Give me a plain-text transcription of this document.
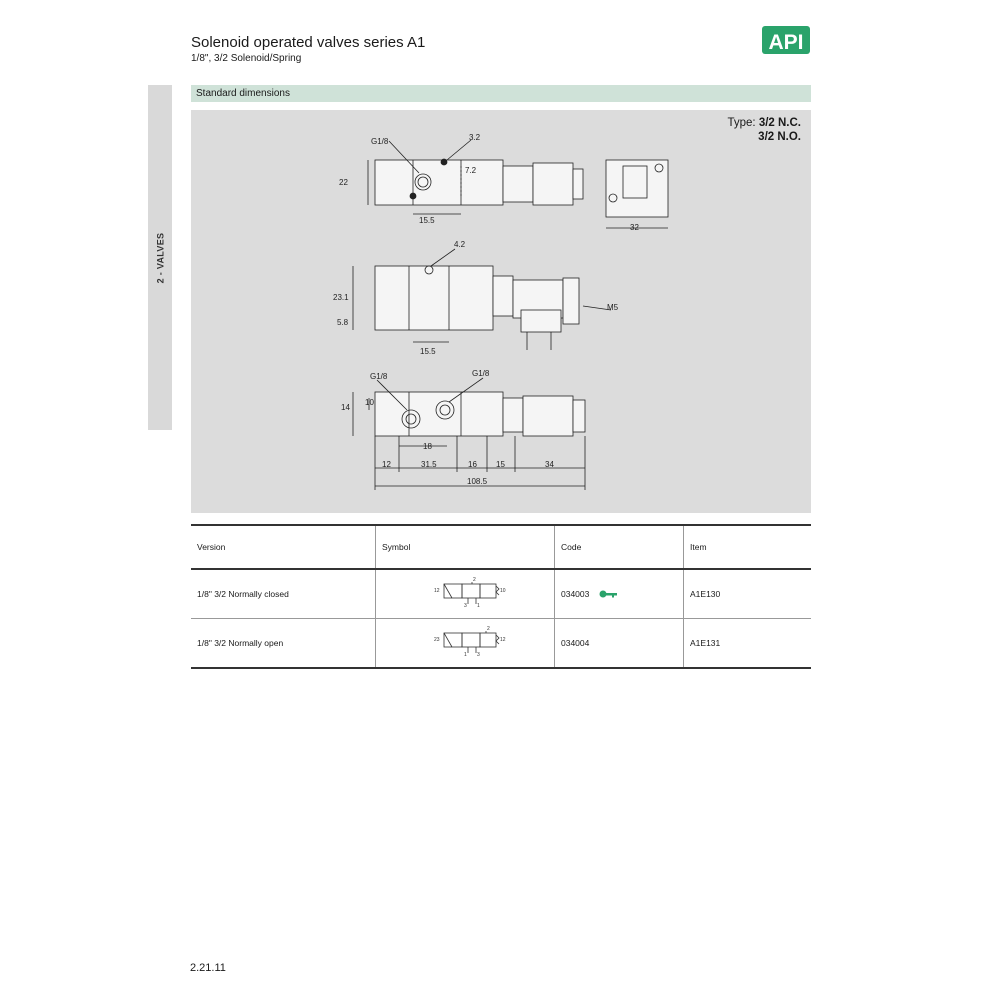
Solenoid operated valves series A1
1/8", 3/2 Solenoid/Spring
API
2 - VALVES
Standard dimensions
Type: 3/2 N.C.
3/2 N.O.
G1/8	3.2
22
7.2
15.5
32
4.2
23.1
5.8
15.5
M5
G1/8	G1/8
14
10
18
12	31.5	16 15	34
108.5
Version	Symbol	Code	Item
1/8" 3/2 Normally closed	12
2
10
1
3	034003	A1E130
1/8" 3/2 Normally open	23
2
12
1 3	034004	A1E131
2.21.11
